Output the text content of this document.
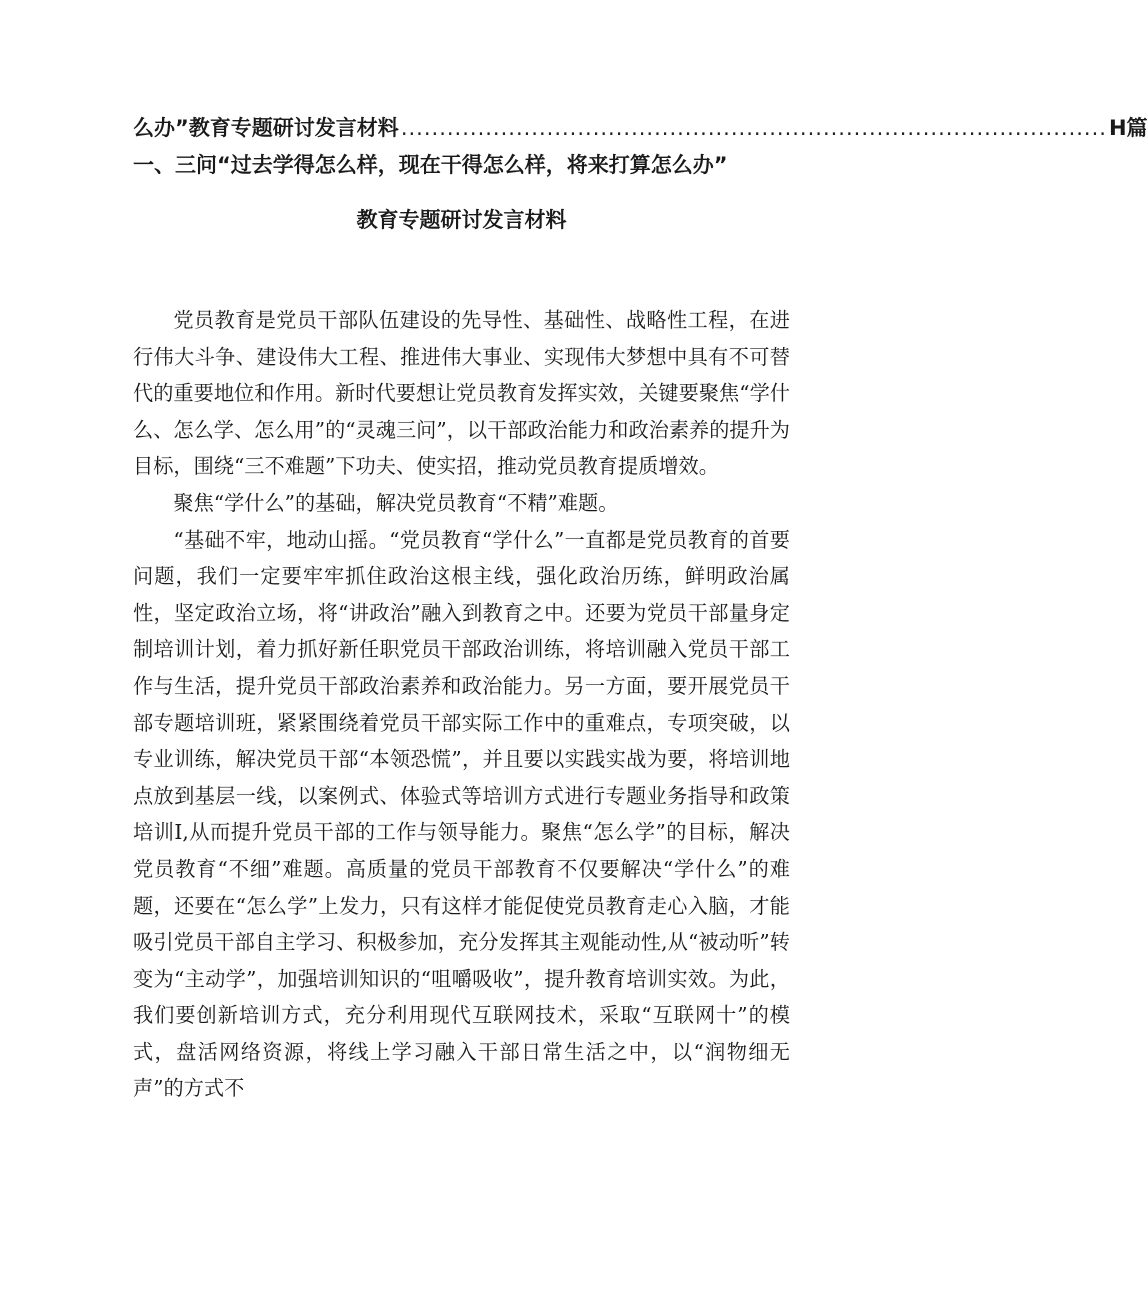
么办”教育专题研讨发言材料 ............................................................................................ H篇
一、三问“过去学得怎么样，现在干得怎么样，将来打算怎么办”
教育专题研讨发言材料

党员教育是党员干部队伍建设的先导性、基础性、战略性工程，在进行伟大斗争、建设伟大工程、推进伟大事业、实现伟大梦想中具有不可替代的重要地位和作用。新时代要想让党员教育发挥实效，关键要聚焦“学什么、怎么学、怎么用”的“灵魂三问”，以干部政治能力和政治素养的提升为目标，围绕“三不难题”下功夫、使实招，推动党员教育提质增效。

聚焦“学什么”的基础，解决党员教育“不精”难题。

“基础不牢，地动山摇。“党员教育“学什么”一直都是党员教育的首要问题，我们一定要牢牢抓住政治这根主线，强化政治历练，鲜明政治属性，坚定政治立场，将“讲政治”融入到教育之中。还要为党员干部量身定制培训计划，着力抓好新任职党员干部政治训练，将培训融入党员干部工作与生活，提升党员干部政治素养和政治能力。另一方面，要开展党员干部专题培训班，紧紧围绕着党员干部实际工作中的重难点，专项突破，以专业训练，解决党员干部“本领恐慌”，并且要以实践实战为要，将培训地点放到基层一线，以案例式、体验式等培训方式进行专题业务指导和政策培训I,从而提升党员干部的工作与领导能力。聚焦“怎么学”的目标，解决党员教育“不细”难题。高质量的党员干部教育不仅要解决“学什么”的难题，还要在“怎么学”上发力，只有这样才能促使党员教育走心入脑，才能吸引党员干部自主学习、积极参加，充分发挥其主观能动性,从“被动听”转变为“主动学”，加强培训知识的“咀嚼吸收”，提升教育培训实效。为此，我们要创新培训方式，充分利用现代互联网技术，采取“互联网十”的模式，盘活网络资源，将线上学习融入干部日常生活之中，以“润物细无声”的方式不
